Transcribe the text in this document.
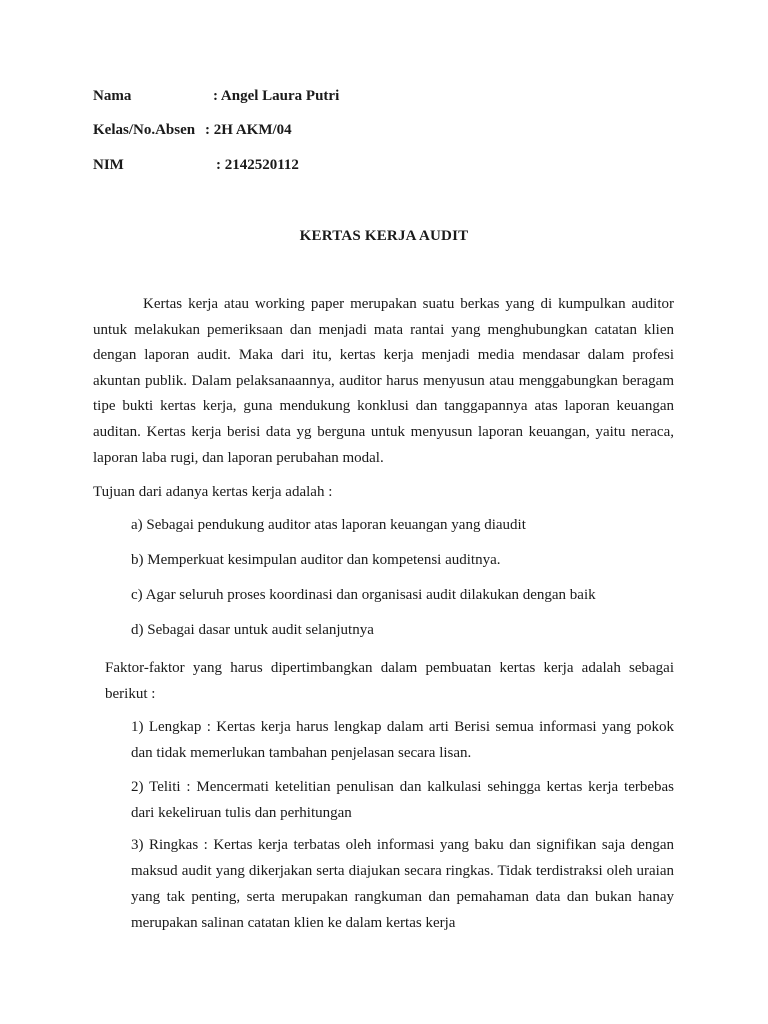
Nama	: Angel Laura Putri
Kelas/No.Absen : 2H AKM/04
NIM	: 2142520112
KERTAS KERJA AUDIT
Kertas kerja atau working paper merupakan suatu berkas yang di kumpulkan auditor untuk melakukan pemeriksaan dan menjadi mata rantai yang menghubungkan catatan klien dengan laporan audit. Maka dari itu, kertas kerja menjadi media mendasar dalam profesi akuntan publik. Dalam pelaksanaannya, auditor harus menyusun atau menggabungkan beragam tipe bukti kertas kerja, guna mendukung konklusi dan tanggapannya atas laporan keuangan auditan. Kertas kerja berisi data yg berguna untuk menyusun laporan keuangan, yaitu neraca, laporan laba rugi, dan laporan perubahan modal.
Tujuan dari adanya kertas kerja adalah :
a) Sebagai pendukung auditor atas laporan keuangan yang diaudit
b) Memperkuat kesimpulan auditor dan kompetensi auditnya.
c) Agar seluruh proses koordinasi dan organisasi audit dilakukan dengan baik
d) Sebagai dasar untuk audit selanjutnya
Faktor-faktor yang harus dipertimbangkan dalam pembuatan kertas kerja adalah sebagai berikut :
1) Lengkap : Kertas kerja harus lengkap dalam arti Berisi semua informasi yang pokok dan tidak memerlukan tambahan penjelasan secara lisan.
2) Teliti : Mencermati ketelitian penulisan dan kalkulasi sehingga kertas kerja terbebas dari kekeliruan tulis dan perhitungan
3) Ringkas : Kertas kerja terbatas oleh informasi yang baku dan signifikan saja dengan maksud audit yang dikerjakan serta diajukan secara ringkas. Tidak terdistraksi oleh uraian yang tak penting, serta merupakan rangkuman dan pemahaman data dan bukan hanay merupakan salinan catatan klien ke dalam kertas kerja
